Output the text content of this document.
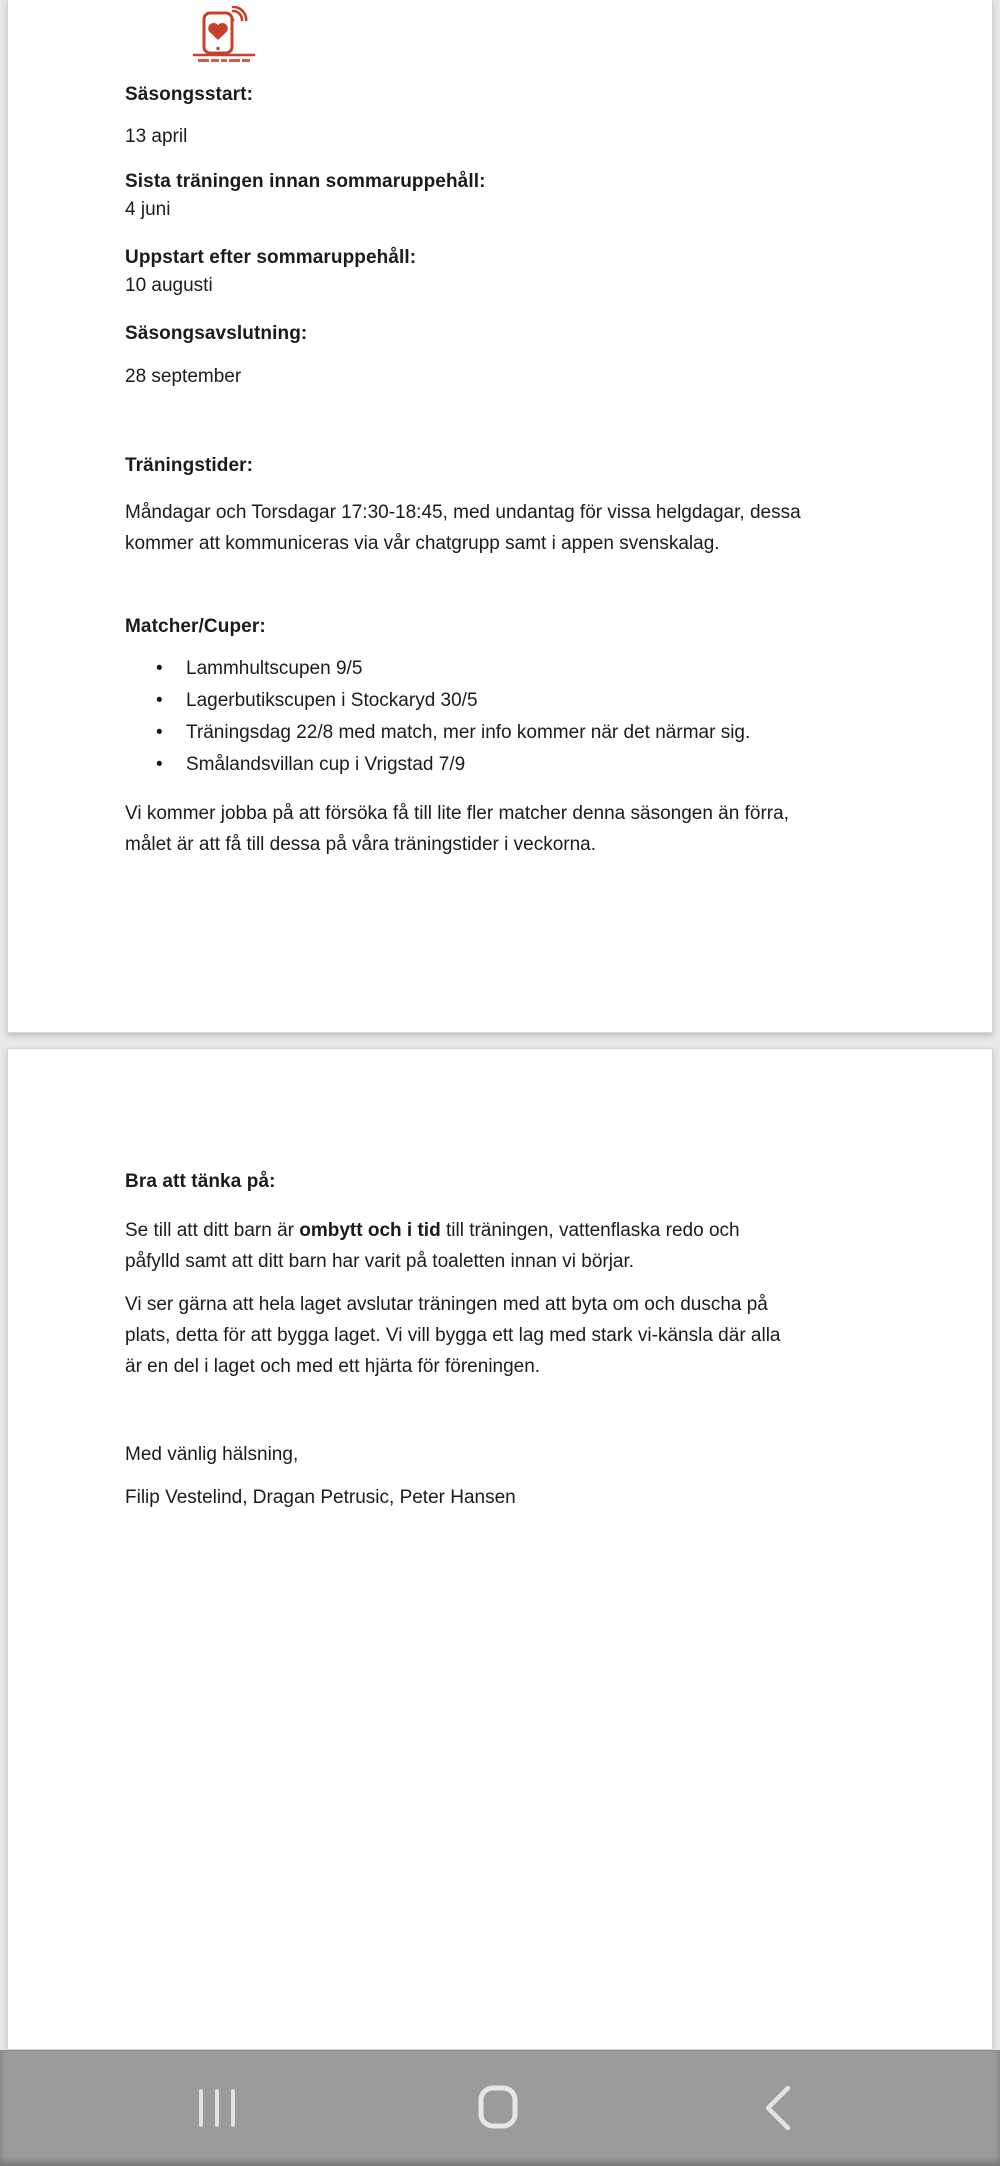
Säsongsstart:
13 april
Sista träningen innan sommaruppehåll:
4 juni
Uppstart efter sommaruppehåll:
10 augusti
Säsongsavslutning:
28 september
Träningstider:
Måndagar och Torsdagar 17:30-18:45, med undantag för vissa helgdagar, dessa
kommer att kommuniceras via vår chatgrupp samt i appen svenskalag.
Matcher/Cuper:
•	Lammhultscupen 9/5
•	Lagerbutikscupen i Stockaryd 30/5
•	Träningsdag 22/8 med match, mer info kommer när det närmar sig.
•	Smålandsvillan cup i Vrigstad 7/9
Vi kommer jobba på att försöka få till lite fler matcher denna säsongen än förra,
målet är att få till dessa på våra träningstider i veckorna.
Bra att tänka på:
Se till att ditt barn är ombytt och i tid till träningen, vattenflaska redo och
påfylld samt att ditt barn har varit på toaletten innan vi börjar.
Vi ser gärna att hela laget avslutar träningen med att byta om och duscha på
plats, detta för att bygga laget. Vi vill bygga ett lag med stark vi-känsla där alla
är en del i laget och med ett hjärta för föreningen.
Med vänlig hälsning,
Filip Vestelind, Dragan Petrusic, Peter Hansen
